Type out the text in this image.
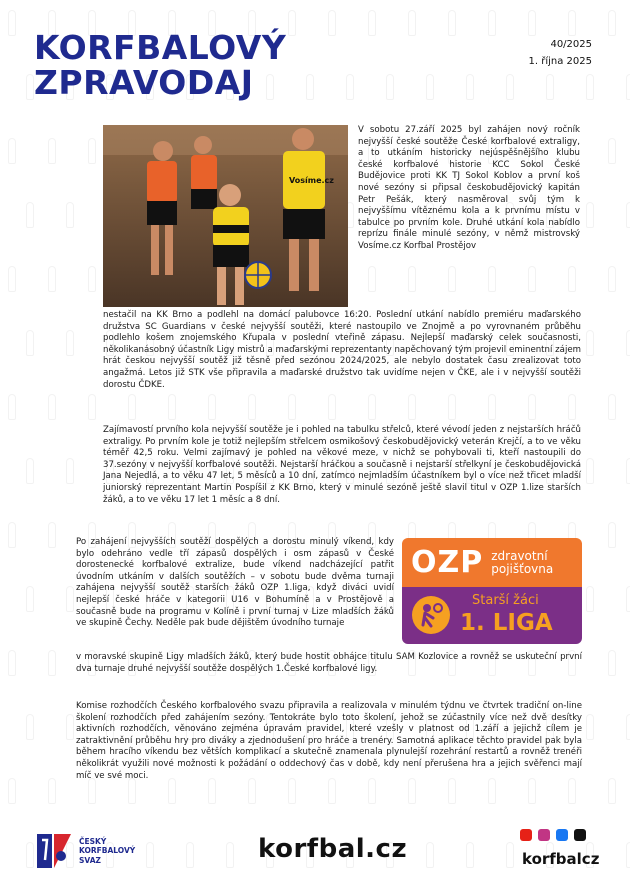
KORFBALOVÝ
ZPRAVODAJ
40/2025
1. října 2025
Vosíme.cz

V sobotu 27.září 2025 byl zahájen nový ročník nejvyšší české soutěže České korfbalové extraligy, a to utkáním historicky nejúspěšnějšího klubu české korfbalové historie KCC Sokol České Budějovice proti KK TJ Sokol Koblov a první koš nové sezóny si připsal českobudějovický kapitán Petr Pešák, který nasměroval svůj tým k nejvyššímu vítěznému kola a k prvnímu místu v tabulce po prvním kole. Druhé utkání kola nabídlo reprízu finále minulé sezóny, v němž mistrovský Vosíme.cz Korfbal Prostějov

nestačil na KK Brno a podlehl na domácí palubovce 16:20. Poslední utkání nabídlo premiéru maďarského družstva SC Guardians v české nejvyšší soutěži, které nastoupilo ve Znojmě a po vyrovnaném průběhu podlehlo košem znojemského Křupala v poslední vteřině zápasu. Nejlepší maďarský celek současnosti, několikanásobný účastník Ligy mistrů a maďarskými reprezentanty napěchovaný tým projevil eminentní zájem hrát českou nejvyšší soutěž již těsně před sezónou 2024/2025, ale nebylo dostatek času zrealizovat toto angažmá. Letos již STK vše připravila a maďarské družstvo tak uvidíme nejen v ČKE, ale i v nejvyšší soutěži dorostu ČDKE.

Zajímavostí prvního kola nejvyšší soutěže je i pohled na tabulku střelců, které vévodí jeden z nejstarších hráčů extraligy. Po prvním kole je totiž nejlepším střelcem osmikošový českobudějovický veterán Krejčí, a to ve věku téměř 42,5 roku. Velmi zajímavý je pohled na věkové meze, v nichž se pohybovali ti, kteří nastoupili do 37.sezóny v nejvyšší korfbalové soutěži. Nejstarší hráčkou a současně i nejstarší střelkyní je českobudějovická Jana Nejedlá, a to věku 47 let, 5 měsíců a 10 dní, zatímco nejmladším účastníkem byl o více než třicet mladší juniorský reprezentant Martin Pospíšil z KK Brno, který v minulé sezóně ještě slavil titul v OZP 1.lize starších žáků, a to ve věku 17 let 1 měsíc a 8 dní.

Po zahájení nejvyšších soutěží dospělých a dorostu minulý víkend, kdy bylo odehráno vedle tří zápasů dospělých i osm zápasů v České dorostenecké korfbalové extralize, bude víkend nadcházející patřit úvodním utkáním v dalších soutěžích – v sobotu bude dvěma turnaji zahájena nejvyšší soutěž starších žáků OZP 1.liga, když diváci uvidí nejlepší české hráče v kategorii U16 v Bohumíně a v Prostějově a současně bude na programu v Kolíně i první turnaj v Lize mladších žáků ve skupině Čechy. Neděle pak bude dějištěm úvodního turnaje

OZP zdravotní
pojišťovna
Starší žáci
1. LIGA

v moravské skupině Ligy mladších žáků, který bude hostit obhájce titulu SAM Kozlovice a rovněž se uskuteční první dva turnaje druhé nejvyšší soutěže dospělých 1.České korfbalové ligy.

Komise rozhodčích Českého korfbalového svazu připravila a realizovala v minulém týdnu ve čtvrtek tradiční on-line školení rozhodčích před zahájením sezóny. Tentokráte bylo toto školení, jehož se zúčastnily více než dvě desítky aktivních rozhodčích, věnováno zejména úpravám pravidel, které vzešly v platnost od 1.září a jejichž cílem je zatraktivnění průběhu hry pro diváky a zjednodušení pro hráče a trenéry. Samotná aplikace těchto pravidel pak byla během hracího víkendu bez větších komplikací a skutečně znamenala plynulejší rozehrání restartů a rovněž trenéři několikrát využili nové možnosti k požádání o oddechový čas v době, kdy není přerušena hra a jejich svěřenci mají míč ve své moci.

ČESKÝ
KORFBALOVÝ
SVAZ	korfbal.cz	korfbalcz
